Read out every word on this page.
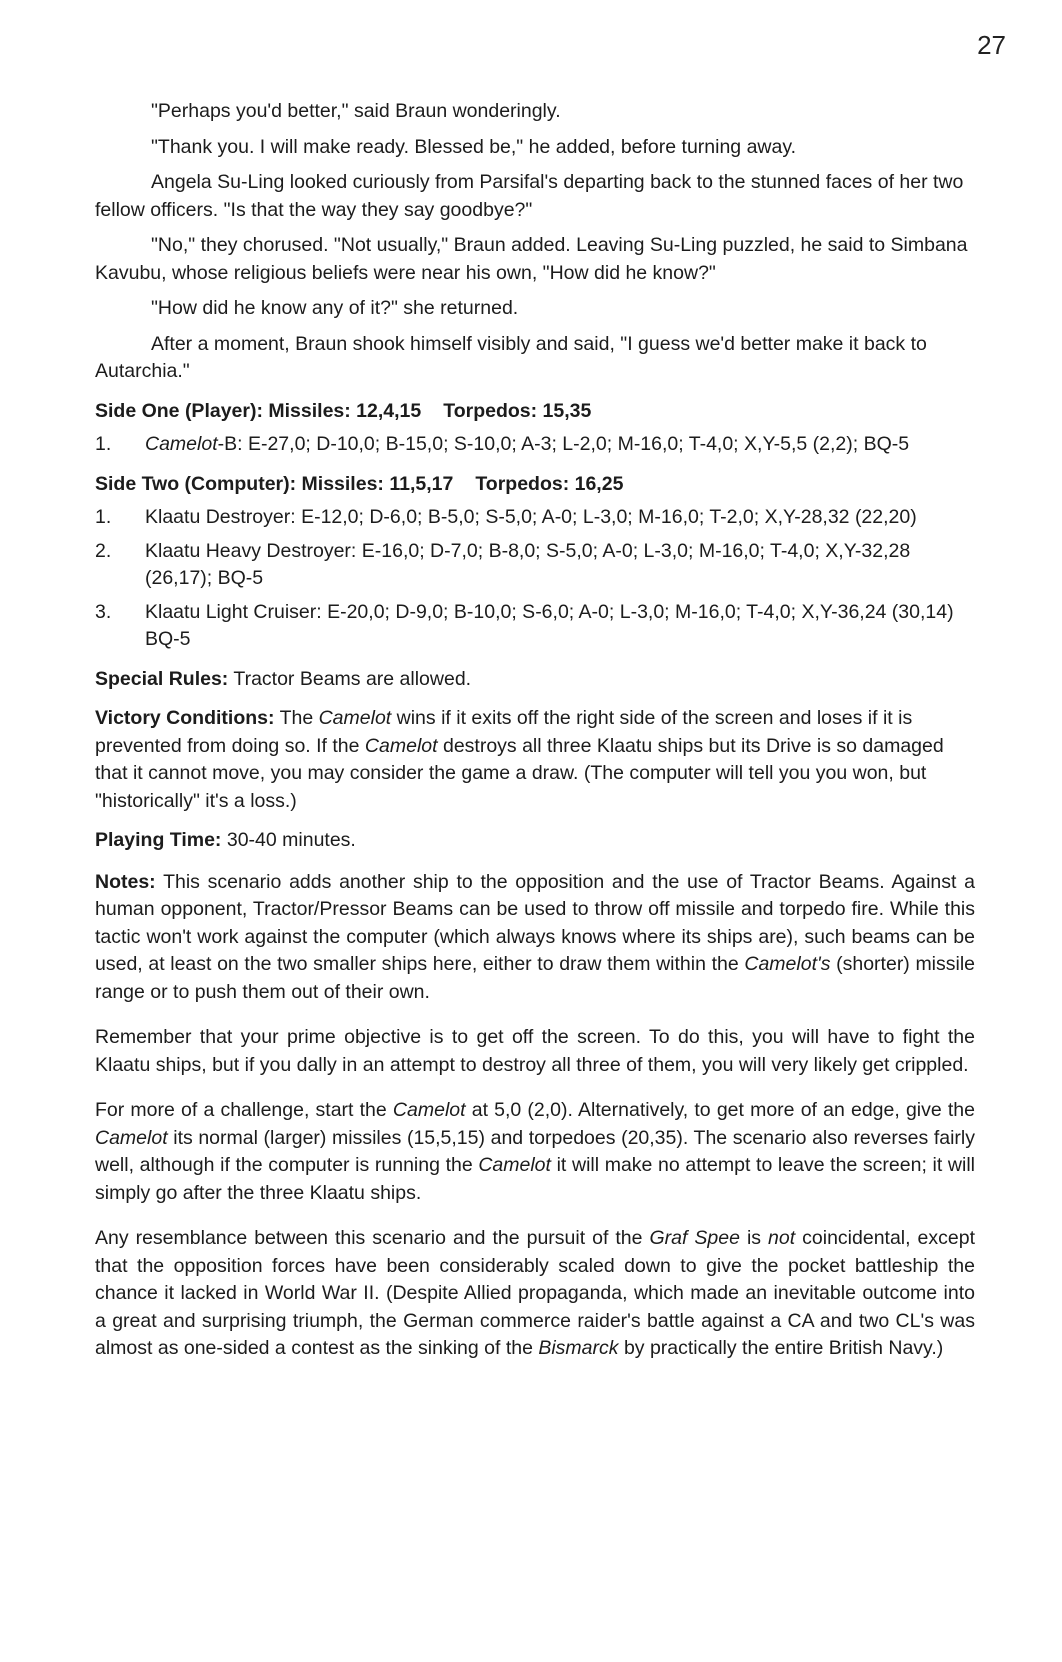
27

"Perhaps you'd better," said Braun wonderingly.

"Thank you. I will make ready. Blessed be," he added, before turning away.

Angela Su-Ling looked curiously from Parsifal's departing back to the stunned faces of her two fellow officers. "Is that the way they say goodbye?"

"No," they chorused. "Not usually," Braun added. Leaving Su-Ling puzzled, he said to Simbana Kavubu, whose religious beliefs were near his own, "How did he know?"

"How did he know any of it?" she returned.

After a moment, Braun shook himself visibly and said, "I guess we'd better make it back to Autarchia."

Side One (Player): Missiles: 12,4,15 Torpedos: 15,35

1.	Camelot-B: E-27,0; D-10,0; B-15,0; S-10,0; A-3; L-2,0; M-16,0; T-4,0; X,Y-5,5 (2,2); BQ-5

Side Two (Computer): Missiles: 11,5,17 Torpedos: 16,25

1.	Klaatu Destroyer: E-12,0; D-6,0; B-5,0; S-5,0; A-0; L-3,0; M-16,0; T-2,0; X,Y-28,32 (22,20)
2.	Klaatu Heavy Destroyer: E-16,0; D-7,0; B-8,0; S-5,0; A-0; L-3,0; M-16,0; T-4,0; X,Y-32,28 (26,17); BQ-5
3.	Klaatu Light Cruiser: E-20,0; D-9,0; B-10,0; S-6,0; A-0; L-3,0; M-16,0; T-4,0; X,Y-36,24 (30,14) BQ-5

Special Rules: Tractor Beams are allowed.

Victory Conditions: The Camelot wins if it exits off the right side of the screen and loses if it is prevented from doing so. If the Camelot destroys all three Klaatu ships but its Drive is so damaged that it cannot move, you may consider the game a draw. (The computer will tell you you won, but "historically" it's a loss.)

Playing Time: 30-40 minutes.

Notes: This scenario adds another ship to the opposition and the use of Tractor Beams. Against a human opponent, Tractor/Pressor Beams can be used to throw off missile and torpedo fire. While this tactic won't work against the computer (which always knows where its ships are), such beams can be used, at least on the two smaller ships here, either to draw them within the Camelot's (shorter) missile range or to push them out of their own.

Remember that your prime objective is to get off the screen. To do this, you will have to fight the Klaatu ships, but if you dally in an attempt to destroy all three of them, you will very likely get crippled.

For more of a challenge, start the Camelot at 5,0 (2,0). Alternatively, to get more of an edge, give the Camelot its normal (larger) missiles (15,5,15) and torpedoes (20,35). The scenario also reverses fairly well, although if the computer is running the Camelot it will make no attempt to leave the screen; it will simply go after the three Klaatu ships.

Any resemblance between this scenario and the pursuit of the Graf Spee is not coincidental, except that the opposition forces have been considerably scaled down to give the pocket battleship the chance it lacked in World War II. (Despite Allied propaganda, which made an inevitable outcome into a great and surprising triumph, the German commerce raider's battle against a CA and two CL's was almost as one-sided a contest as the sinking of the Bismarck by practically the entire British Navy.)
